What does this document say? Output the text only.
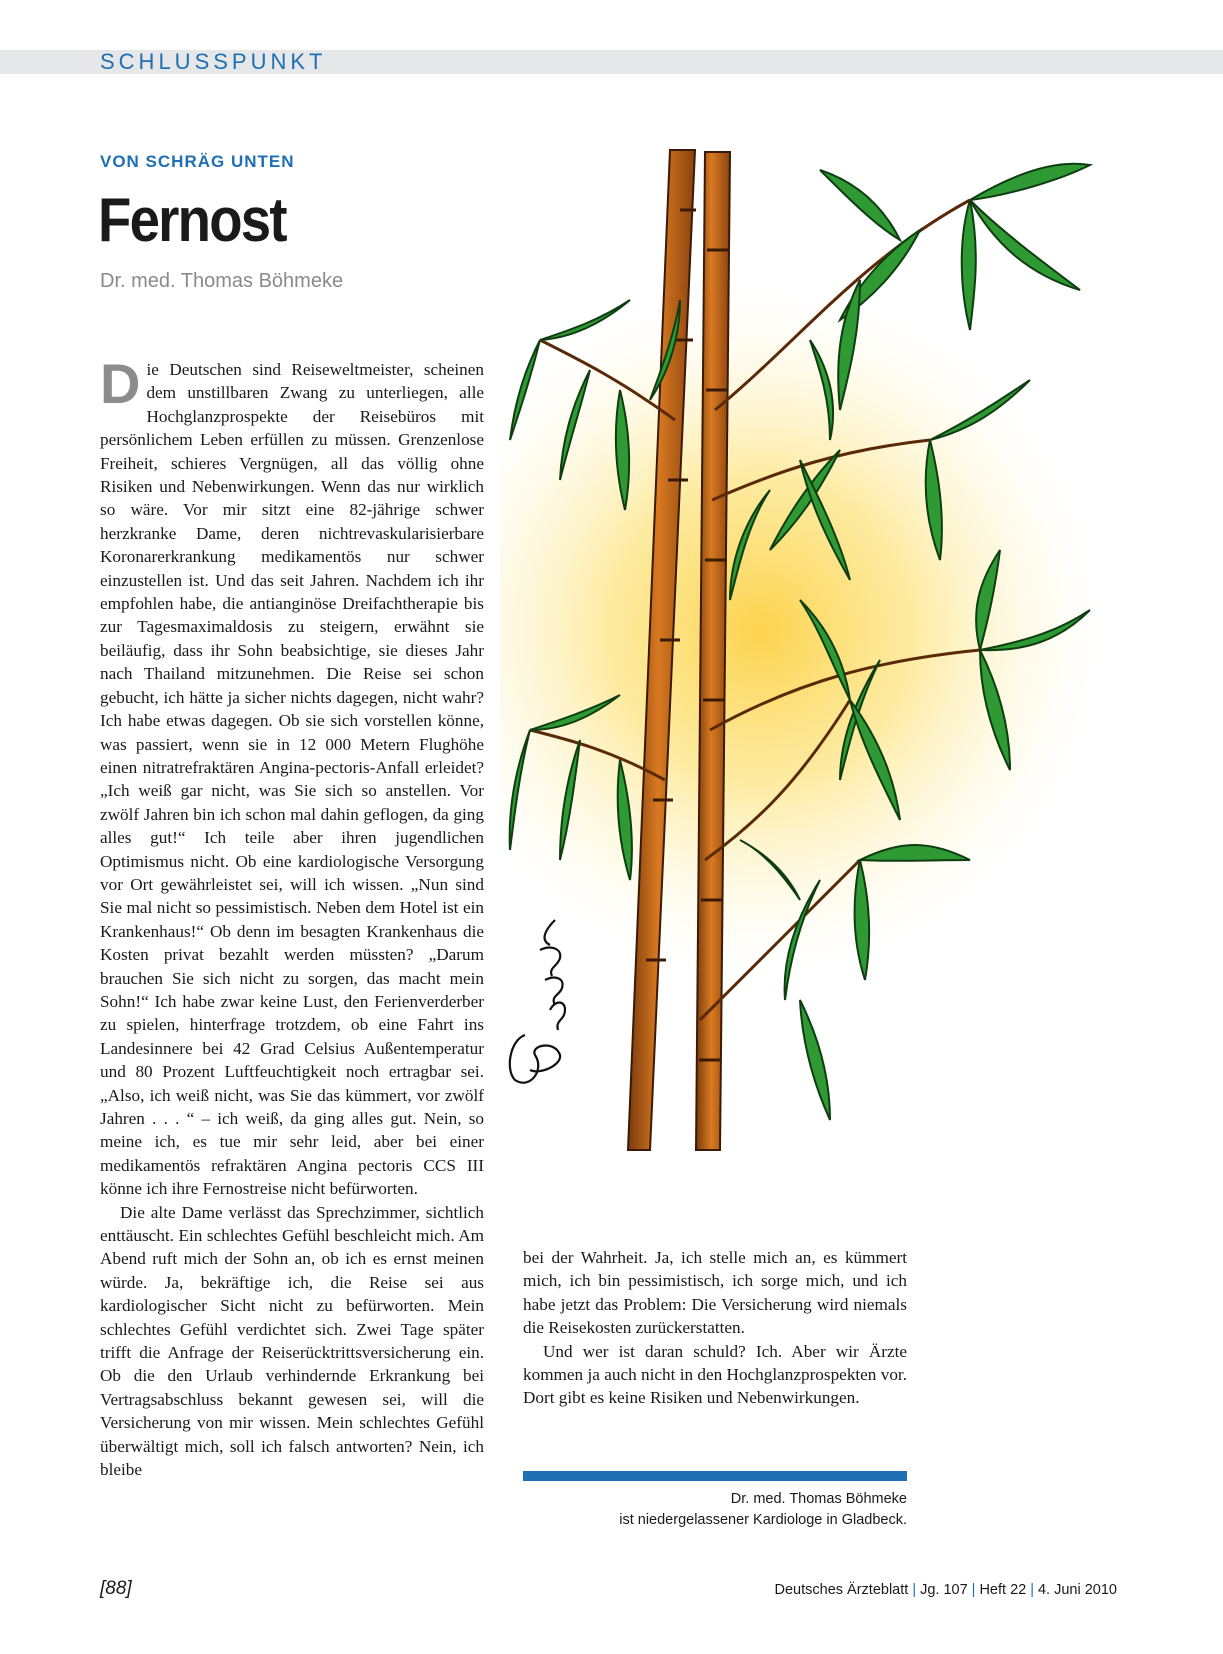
SCHLUSSPUNKT
VON SCHRÄG UNTEN
Fernost
Dr. med. Thomas Böhmeke

Die Deutschen sind Reiseweltmeister, scheinen dem unstillbaren Zwang zu unterliegen, alle Hochglanzprospekte der Reisebüros mit persönlichem Leben erfüllen zu müssen. Grenzenlose Freiheit, schieres Vergnügen, all das völlig ohne Risiken und Nebenwirkungen. Wenn das nur wirklich so wäre. Vor mir sitzt eine 82-jährige schwer herzkranke Dame, deren nichtrevaskularisierbare Koronarerkrankung medikamentös nur schwer einzustellen ist. Und das seit Jahren. Nachdem ich ihr empfohlen habe, die antianginöse Dreifachtherapie bis zur Tagesmaximaldosis zu steigern, erwähnt sie beiläufig, dass ihr Sohn beabsichtige, sie dieses Jahr nach Thailand mitzunehmen. Die Reise sei schon gebucht, ich hätte ja sicher nichts dagegen, nicht wahr? Ich habe etwas dagegen. Ob sie sich vorstellen könne, was passiert, wenn sie in 12 000 Metern Flughöhe einen nitratrefraktären Angina-pectoris-Anfall erleidet? „Ich weiß gar nicht, was Sie sich so anstellen. Vor zwölf Jahren bin ich schon mal dahin geflogen, da ging alles gut!“ Ich teile aber ihren jugendlichen Optimismus nicht. Ob eine kardiologische Versorgung vor Ort gewährleistet sei, will ich wissen. „Nun sind Sie mal nicht so pessimistisch. Neben dem Hotel ist ein Krankenhaus!“ Ob denn im besagten Krankenhaus die Kosten privat bezahlt werden müssten? „Darum brauchen Sie sich nicht zu sorgen, das macht mein Sohn!“ Ich habe zwar keine Lust, den Ferienverderber zu spielen, hinterfrage trotzdem, ob eine Fahrt ins Landesinnere bei 42 Grad Celsius Außentemperatur und 80 Prozent Luftfeuchtigkeit noch ertragbar sei. „Also, ich weiß nicht, was Sie das kümmert, vor zwölf Jahren . . . “ – ich weiß, da ging alles gut. Nein, so meine ich, es tue mir sehr leid, aber bei einer medikamentös refraktären Angina pectoris CCS III könne ich ihre Fernostreise nicht befürworten.

Die alte Dame verlässt das Sprechzimmer, sichtlich enttäuscht. Ein schlechtes Gefühl beschleicht mich. Am Abend ruft mich der Sohn an, ob ich es ernst meinen würde. Ja, bekräftige ich, die Reise sei aus kardiologischer Sicht nicht zu befürworten. Mein schlechtes Gefühl verdichtet sich. Zwei Tage später trifft die Anfrage der Reiserücktrittsversicherung ein. Ob die den Urlaub verhindernde Erkrankung bei Vertragsabschluss bekannt gewesen sei, will die Versicherung von mir wissen. Mein schlechtes Gefühl überwältigt mich, soll ich falsch antworten? Nein, ich bleibe

bei der Wahrheit. Ja, ich stelle mich an, es kümmert mich, ich bin pessimistisch, ich sorge mich, und ich habe jetzt das Problem: Die Versicherung wird niemals die Reisekosten zurückerstatten.

Und wer ist daran schuld? Ich. Aber wir Ärzte kommen ja auch nicht in den Hochglanzprospekten vor. Dort gibt es keine Risiken und Nebenwirkungen.

Dr. med. Thomas Böhmeke
ist niedergelassener Kardiologe in Gladbeck.
[88]	Deutsches Ärzteblatt | Jg. 107 | Heft 22 | 4. Juni 2010
